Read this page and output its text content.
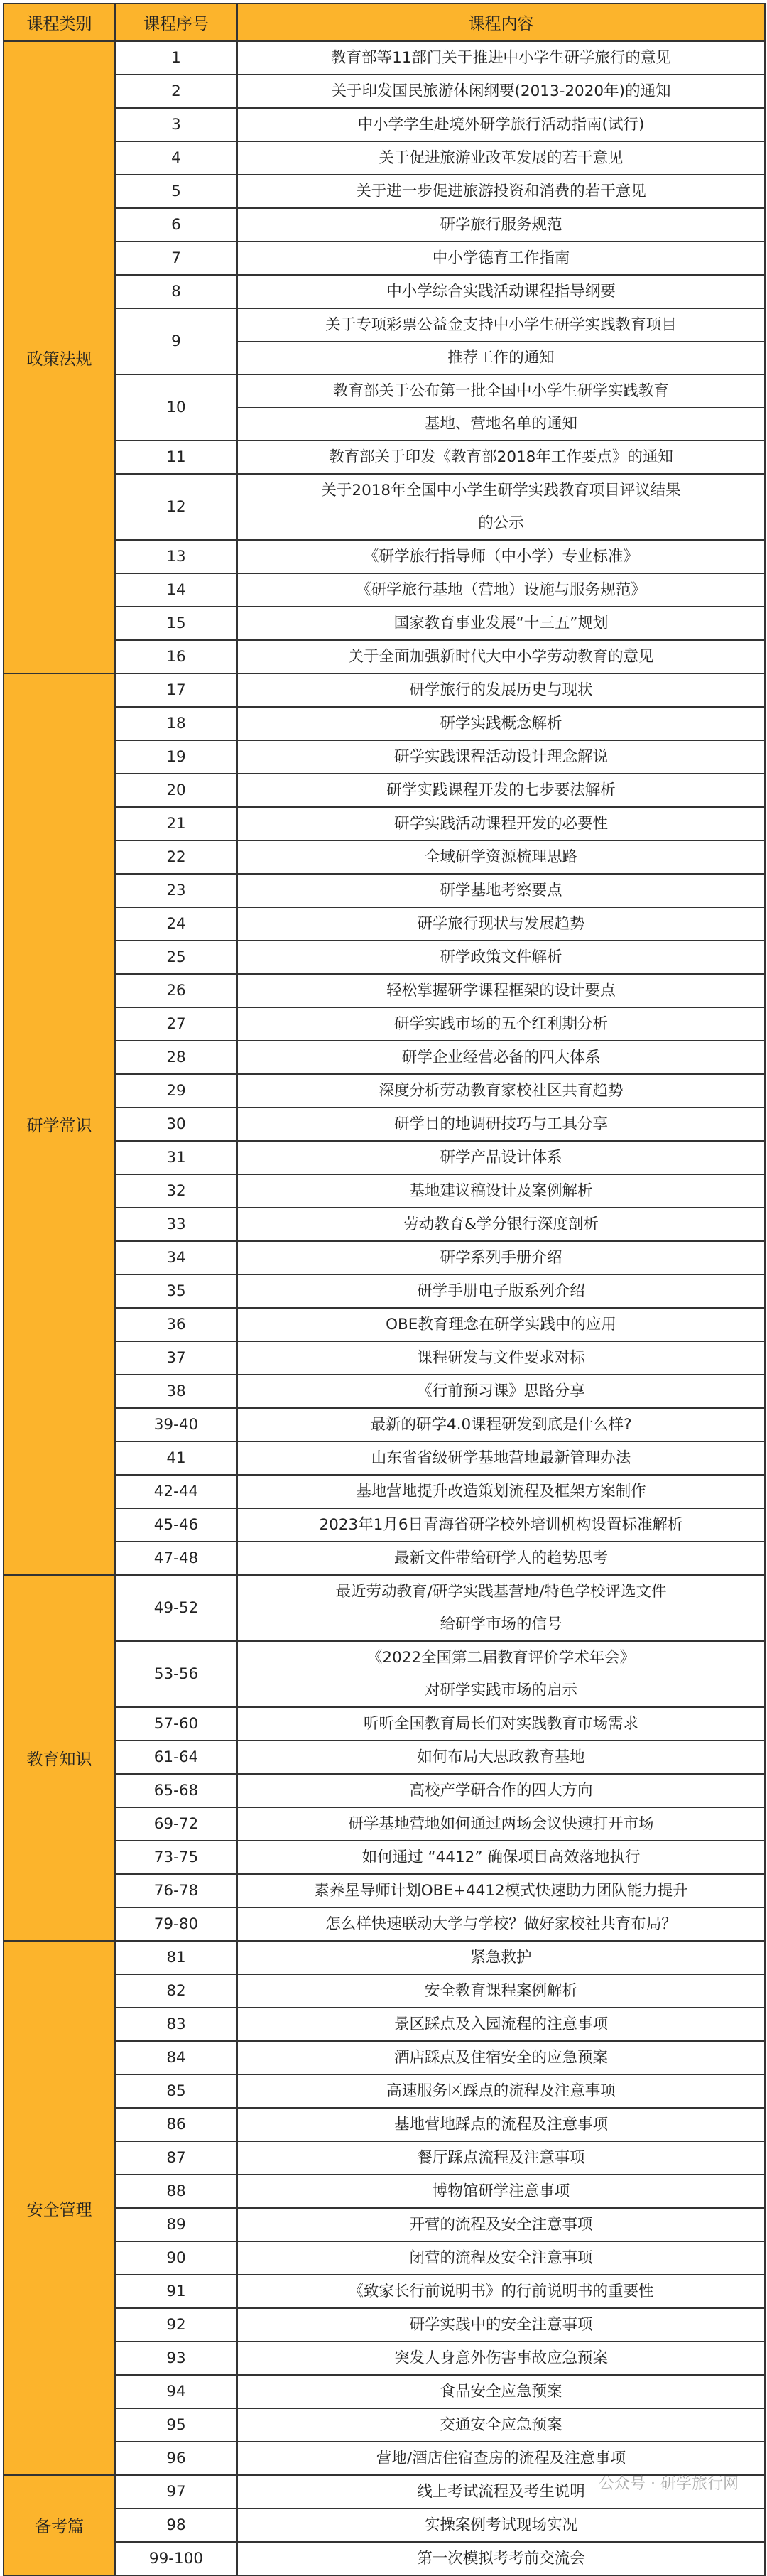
课程类别	课程序号	课程内容
政策法规	1	教育部等11部门关于推进中小学生研学旅行的意见

	2	关于印发国民旅游休闲纲要(2013-2020年)的通知

	3	中小学学生赴境外研学旅行活动指南(试行)

	4	关于促进旅游业改革发展的若干意见

	5	关于进一步促进旅游投资和消费的若干意见

	6	研学旅行服务规范

	7	中小学德育工作指南

	8	中小学综合实践活动课程指导纲要

	9	关于专项彩票公益金支持中小学生研学实践教育项目
推荐工作的通知

	10	教育部关于公布第一批全国中小学生研学实践教育
基地、营地名单的通知

	11	教育部关于印发《教育部2018年工作要点》的通知

	12	关于2018年全国中小学生研学实践教育项目评议结果
的公示

	13	《研学旅行指导师（中小学）专业标准》

	14	《研学旅行基地（营地）设施与服务规范》

	15	国家教育事业发展“十三五”规划

	16	关于全面加强新时代大中小学劳动教育的意见

研学常识	17	研学旅行的发展历史与现状

	18	研学实践概念解析

	19	研学实践课程活动设计理念解说

	20	研学实践课程开发的七步要法解析

	21	研学实践活动课程开发的必要性

	22	全域研学资源梳理思路

	23	研学基地考察要点

	24	研学旅行现状与发展趋势

	25	研学政策文件解析

	26	轻松掌握研学课程框架的设计要点

	27	研学实践市场的五个红利期分析

	28	研学企业经营必备的四大体系

	29	深度分析劳动教育家校社区共育趋势

	30	研学目的地调研技巧与工具分享

	31	研学产品设计体系

	32	基地建议稿设计及案例解析

	33	劳动教育&学分银行深度剖析

	34	研学系列手册介绍

	35	研学手册电子版系列介绍

	36	OBE教育理念在研学实践中的应用

	37	课程研发与文件要求对标

	38	《行前预习课》思路分享

	39-40	最新的研学4.0课程研发到底是什么样?

	41	山东省省级研学基地营地最新管理办法

	42-44	基地营地提升改造策划流程及框架方案制作

	45-46	2023年1月6日青海省研学校外培训机构设置标准解析

	47-48	最新文件带给研学人的趋势思考

教育知识	49-52	最近劳动教育/研学实践基营地/特色学校评选文件
给研学市场的信号

	53-56	《2022全国第二届教育评价学术年会》
对研学实践市场的启示

	57-60	听听全国教育局长们对实践教育市场需求

	61-64	如何布局大思政教育基地

	65-68	高校产学研合作的四大方向

	69-72	研学基地营地如何通过两场会议快速打开市场

	73-75	如何通过 “4412” 确保项目高效落地执行

	76-78	素养星导师计划OBE+4412模式快速助力团队能力提升

	79-80	怎么样快速联动大学与学校？做好家校社共育布局？

安全管理	81	紧急救护

	82	安全教育课程案例解析

	83	景区踩点及入园流程的注意事项

	84	酒店踩点及住宿安全的应急预案

	85	高速服务区踩点的流程及注意事项

	86	基地营地踩点的流程及注意事项

	87	餐厅踩点流程及注意事项

	88	博物馆研学注意事项

	89	开营的流程及安全注意事项

	90	闭营的流程及安全注意事项

	91	《致家长行前说明书》的行前说明书的重要性

	92	研学实践中的安全注意事项

	93	突发人身意外伤害事故应急预案

	94	食品安全应急预案

	95	交通安全应急预案

	96	营地/酒店住宿查房的流程及注意事项

备考篇	97	线上考试流程及考生说明

	98	实操案例考试现场实况

	99-100	第一次模拟考考前交流会
公众号 · 研学旅行网
